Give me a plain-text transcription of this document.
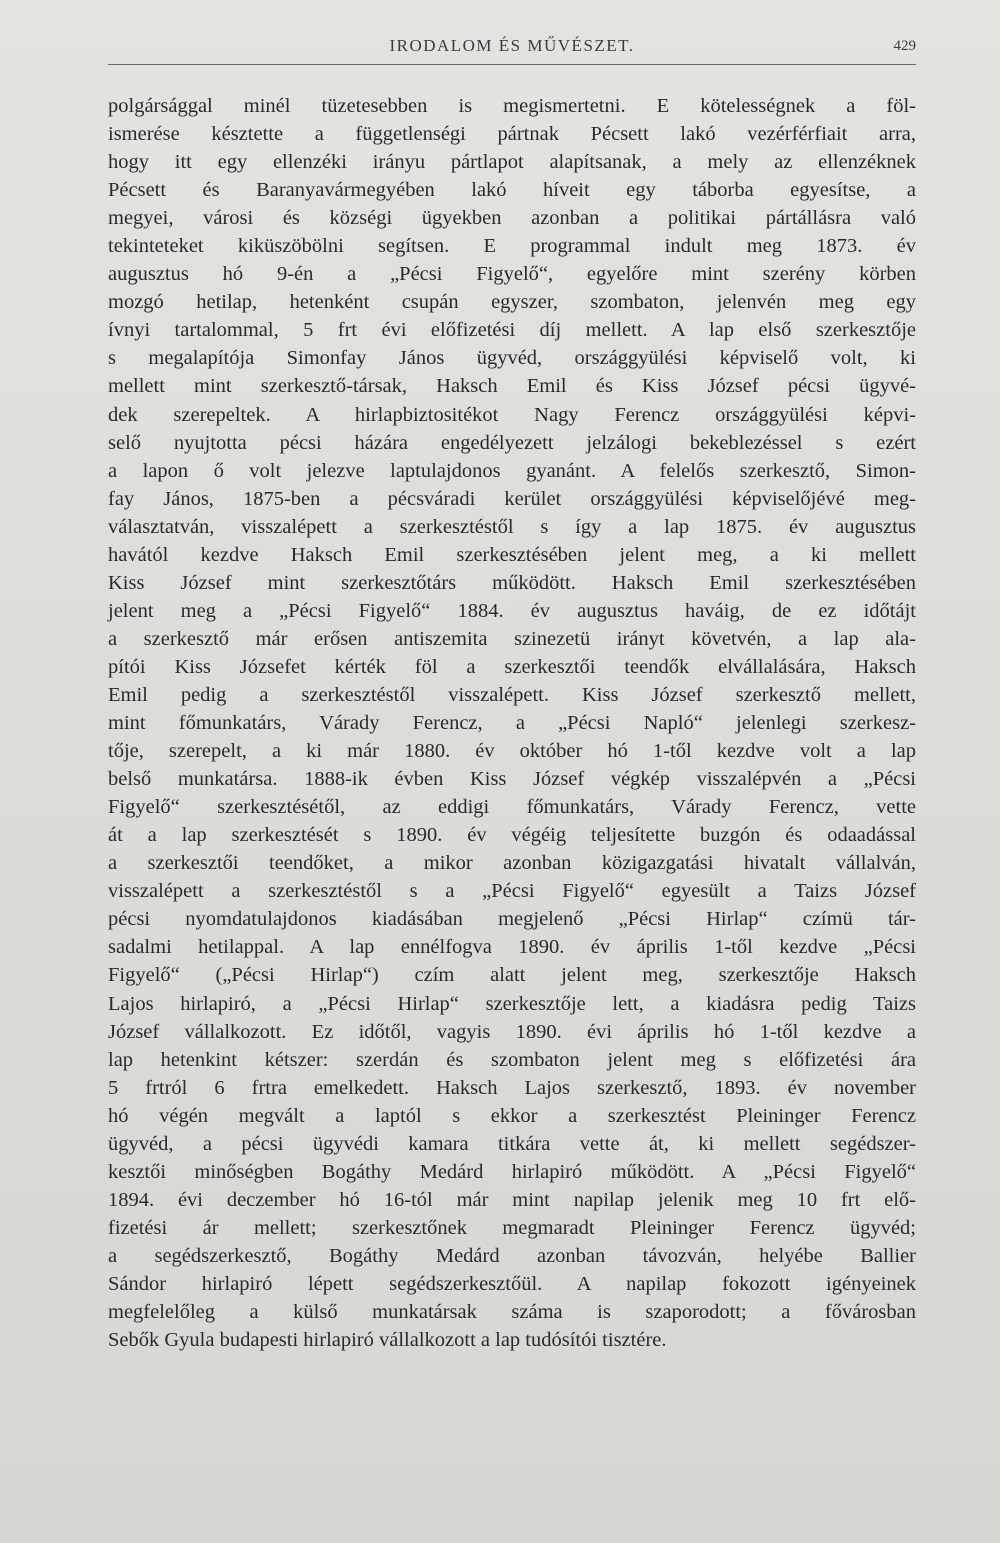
IRODALOM ÉS MŰVÉSZET.	429
polgársággal minél tüzetesebben is megismertetni. E kötelességnek a föl-
ismerése késztette a függetlenségi pártnak Pécsett lakó vezérférfiait arra,
hogy itt egy ellenzéki irányu pártlapot alapítsanak, a mely az ellenzéknek
Pécsett és Baranyavármegyében lakó híveit egy táborba egyesítse, a
megyei, városi és községi ügyekben azonban a politikai pártállásra való
tekinteteket kiküszöbölni segítsen. E programmal indult meg 1873. év
augusztus hó 9-én a „Pécsi Figyelő“, egyelőre mint szerény körben
mozgó hetilap, hetenként csupán egyszer, szombaton, jelenvén meg egy
ívnyi tartalommal, 5 frt évi előfizetési díj mellett. A lap első szerkesztője
s megalapítója Simonfay János ügyvéd, országgyülési képviselő volt, ki
mellett mint szerkesztő-társak, Haksch Emil és Kiss József pécsi ügyvé-
dek szerepeltek. A hirlapbiztositékot Nagy Ferencz országgyülési képvi-
selő nyujtotta pécsi házára engedélyezett jelzálogi bekeblezéssel s ezért
a lapon ő volt jelezve laptulajdonos gyanánt. A felelős szerkesztő, Simon-
fay János, 1875-ben a pécsváradi kerület országgyülési képviselőjévé meg-
választatván, visszalépett a szerkesztéstől s így a lap 1875. év augusztus
havától kezdve Haksch Emil szerkesztésében jelent meg, a ki mellett
Kiss József mint szerkesztőtárs működött. Haksch Emil szerkesztésében
jelent meg a „Pécsi Figyelő“ 1884. év augusztus haváig, de ez időtájt
a szerkesztő már erősen antiszemita szinezetü irányt követvén, a lap ala-
pítói Kiss Józsefet kérték föl a szerkesztői teendők elvállalására, Haksch
Emil pedig a szerkesztéstől visszalépett. Kiss József szerkesztő mellett,
mint főmunkatárs, Várady Ferencz, a „Pécsi Napló“ jelenlegi szerkesz-
tője, szerepelt, a ki már 1880. év október hó 1-től kezdve volt a lap
belső munkatársa. 1888-ik évben Kiss József végkép visszalépvén a „Pécsi
Figyelő“ szerkesztésétől, az eddigi főmunkatárs, Várady Ferencz, vette
át a lap szerkesztését s 1890. év végéig teljesítette buzgón és odaadással
a szerkesztői teendőket, a mikor azonban közigazgatási hivatalt vállalván,
visszalépett a szerkesztéstől s a „Pécsi Figyelő“ egyesült a Taizs József
pécsi nyomdatulajdonos kiadásában megjelenő „Pécsi Hirlap“ czímü tár-
sadalmi hetilappal. A lap ennélfogva 1890. év április 1-től kezdve „Pécsi
Figyelő“ („Pécsi Hirlap“) czím alatt jelent meg, szerkesztője Haksch
Lajos hirlapiró, a „Pécsi Hirlap“ szerkesztője lett, a kiadásra pedig Taizs
József vállalkozott. Ez időtől, vagyis 1890. évi április hó 1-től kezdve a
lap hetenkint kétszer: szerdán és szombaton jelent meg s előfizetési ára
5 frtról 6 frtra emelkedett. Haksch Lajos szerkesztő, 1893. év november
hó végén megvált a laptól s ekkor a szerkesztést Pleininger Ferencz
ügyvéd, a pécsi ügyvédi kamara titkára vette át, ki mellett segédszer-
kesztői minőségben Bogáthy Medárd hirlapiró működött. A „Pécsi Figyelő“
1894. évi deczember hó 16-tól már mint napilap jelenik meg 10 frt elő-
fizetési ár mellett; szerkesztőnek megmaradt Pleininger Ferencz ügyvéd;
a segédszerkesztő, Bogáthy Medárd azonban távozván, helyébe Ballier
Sándor hirlapiró lépett segédszerkesztőül. A napilap fokozott igényeinek
megfelelőleg a külső munkatársak száma is szaporodott; a fővárosban
Sebők Gyula budapesti hirlapiró vállalkozott a lap tudósítói tisztére.
